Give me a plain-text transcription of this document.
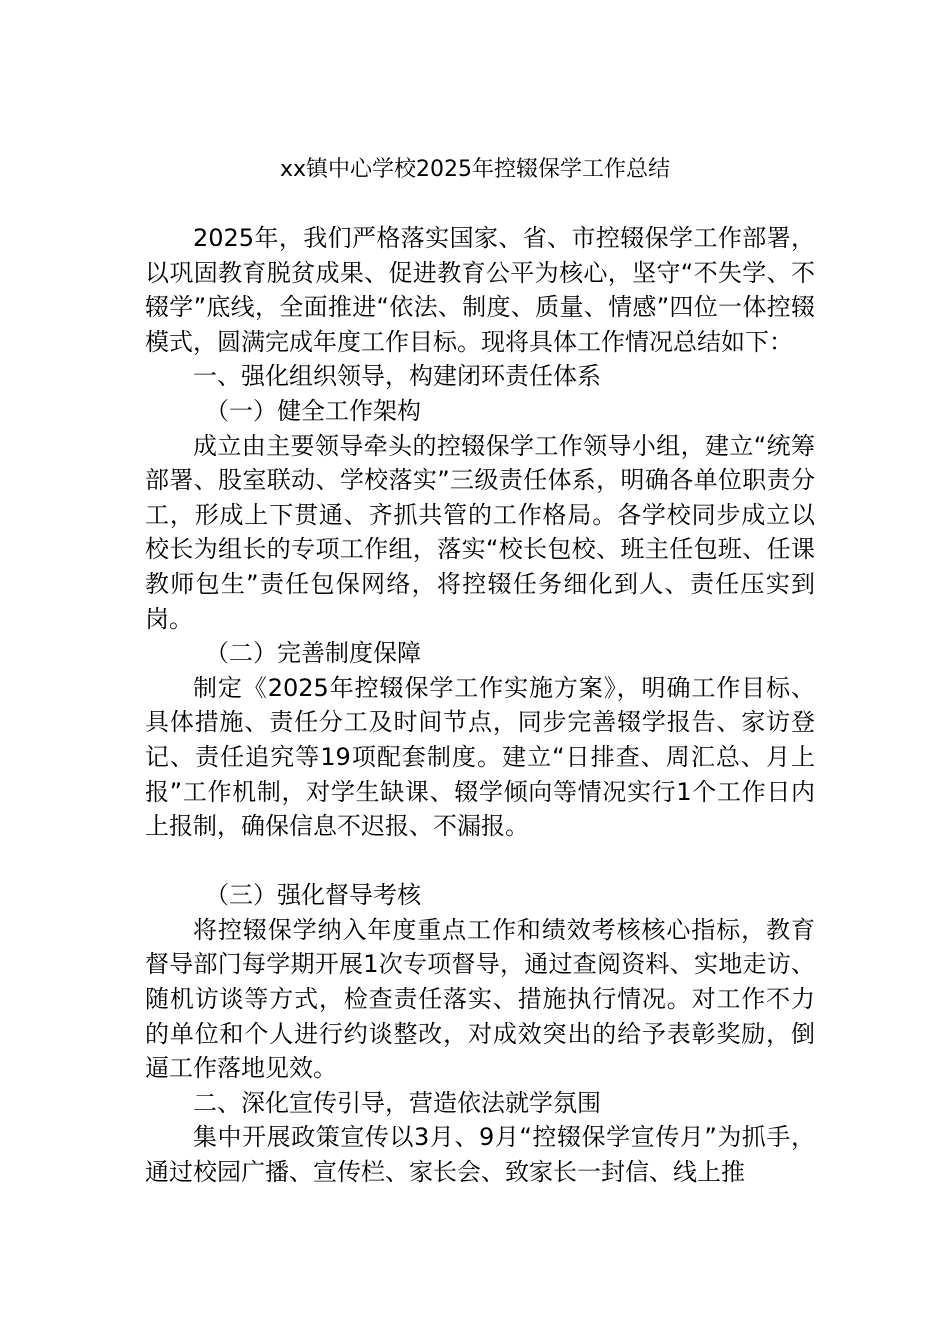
xx镇中心学校2025年控辍保学工作总结

2025年，我们严格落实国家、省、市控辍保学工作部署，以巩固教育脱贫成果、促进教育公平为核心，坚守“不失学、不辍学”底线，全面推进“依法、制度、质量、情感”四位一体控辍模式，圆满完成年度工作目标。现将具体工作情况总结如下：

一、强化组织领导，构建闭环责任体系

（一）健全工作架构

成立由主要领导牵头的控辍保学工作领导小组，建立“统筹部署、股室联动、学校落实”三级责任体系，明确各单位职责分工，形成上下贯通、齐抓共管的工作格局。各学校同步成立以校长为组长的专项工作组，落实“校长包校、班主任包班、任课教师包生”责任包保网络，将控辍任务细化到人、责任压实到岗。

（二）完善制度保障

制定《2025年控辍保学工作实施方案》，明确工作目标、具体措施、责任分工及时间节点，同步完善辍学报告、家访登记、责任追究等19项配套制度。建立“日排查、周汇总、月上报”工作机制，对学生缺课、辍学倾向等情况实行1个工作日内上报制，确保信息不迟报、不漏报。

（三）强化督导考核

将控辍保学纳入年度重点工作和绩效考核核心指标，教育督导部门每学期开展1次专项督导，通过查阅资料、实地走访、随机访谈等方式，检查责任落实、措施执行情况。对工作不力的单位和个人进行约谈整改，对成效突出的给予表彰奖励，倒逼工作落地见效。

二、深化宣传引导，营造依法就学氛围

集中开展政策宣传以3月、9月“控辍保学宣传月”为抓手，通过校园广播、宣传栏、家长会、致家长一封信、线上推
